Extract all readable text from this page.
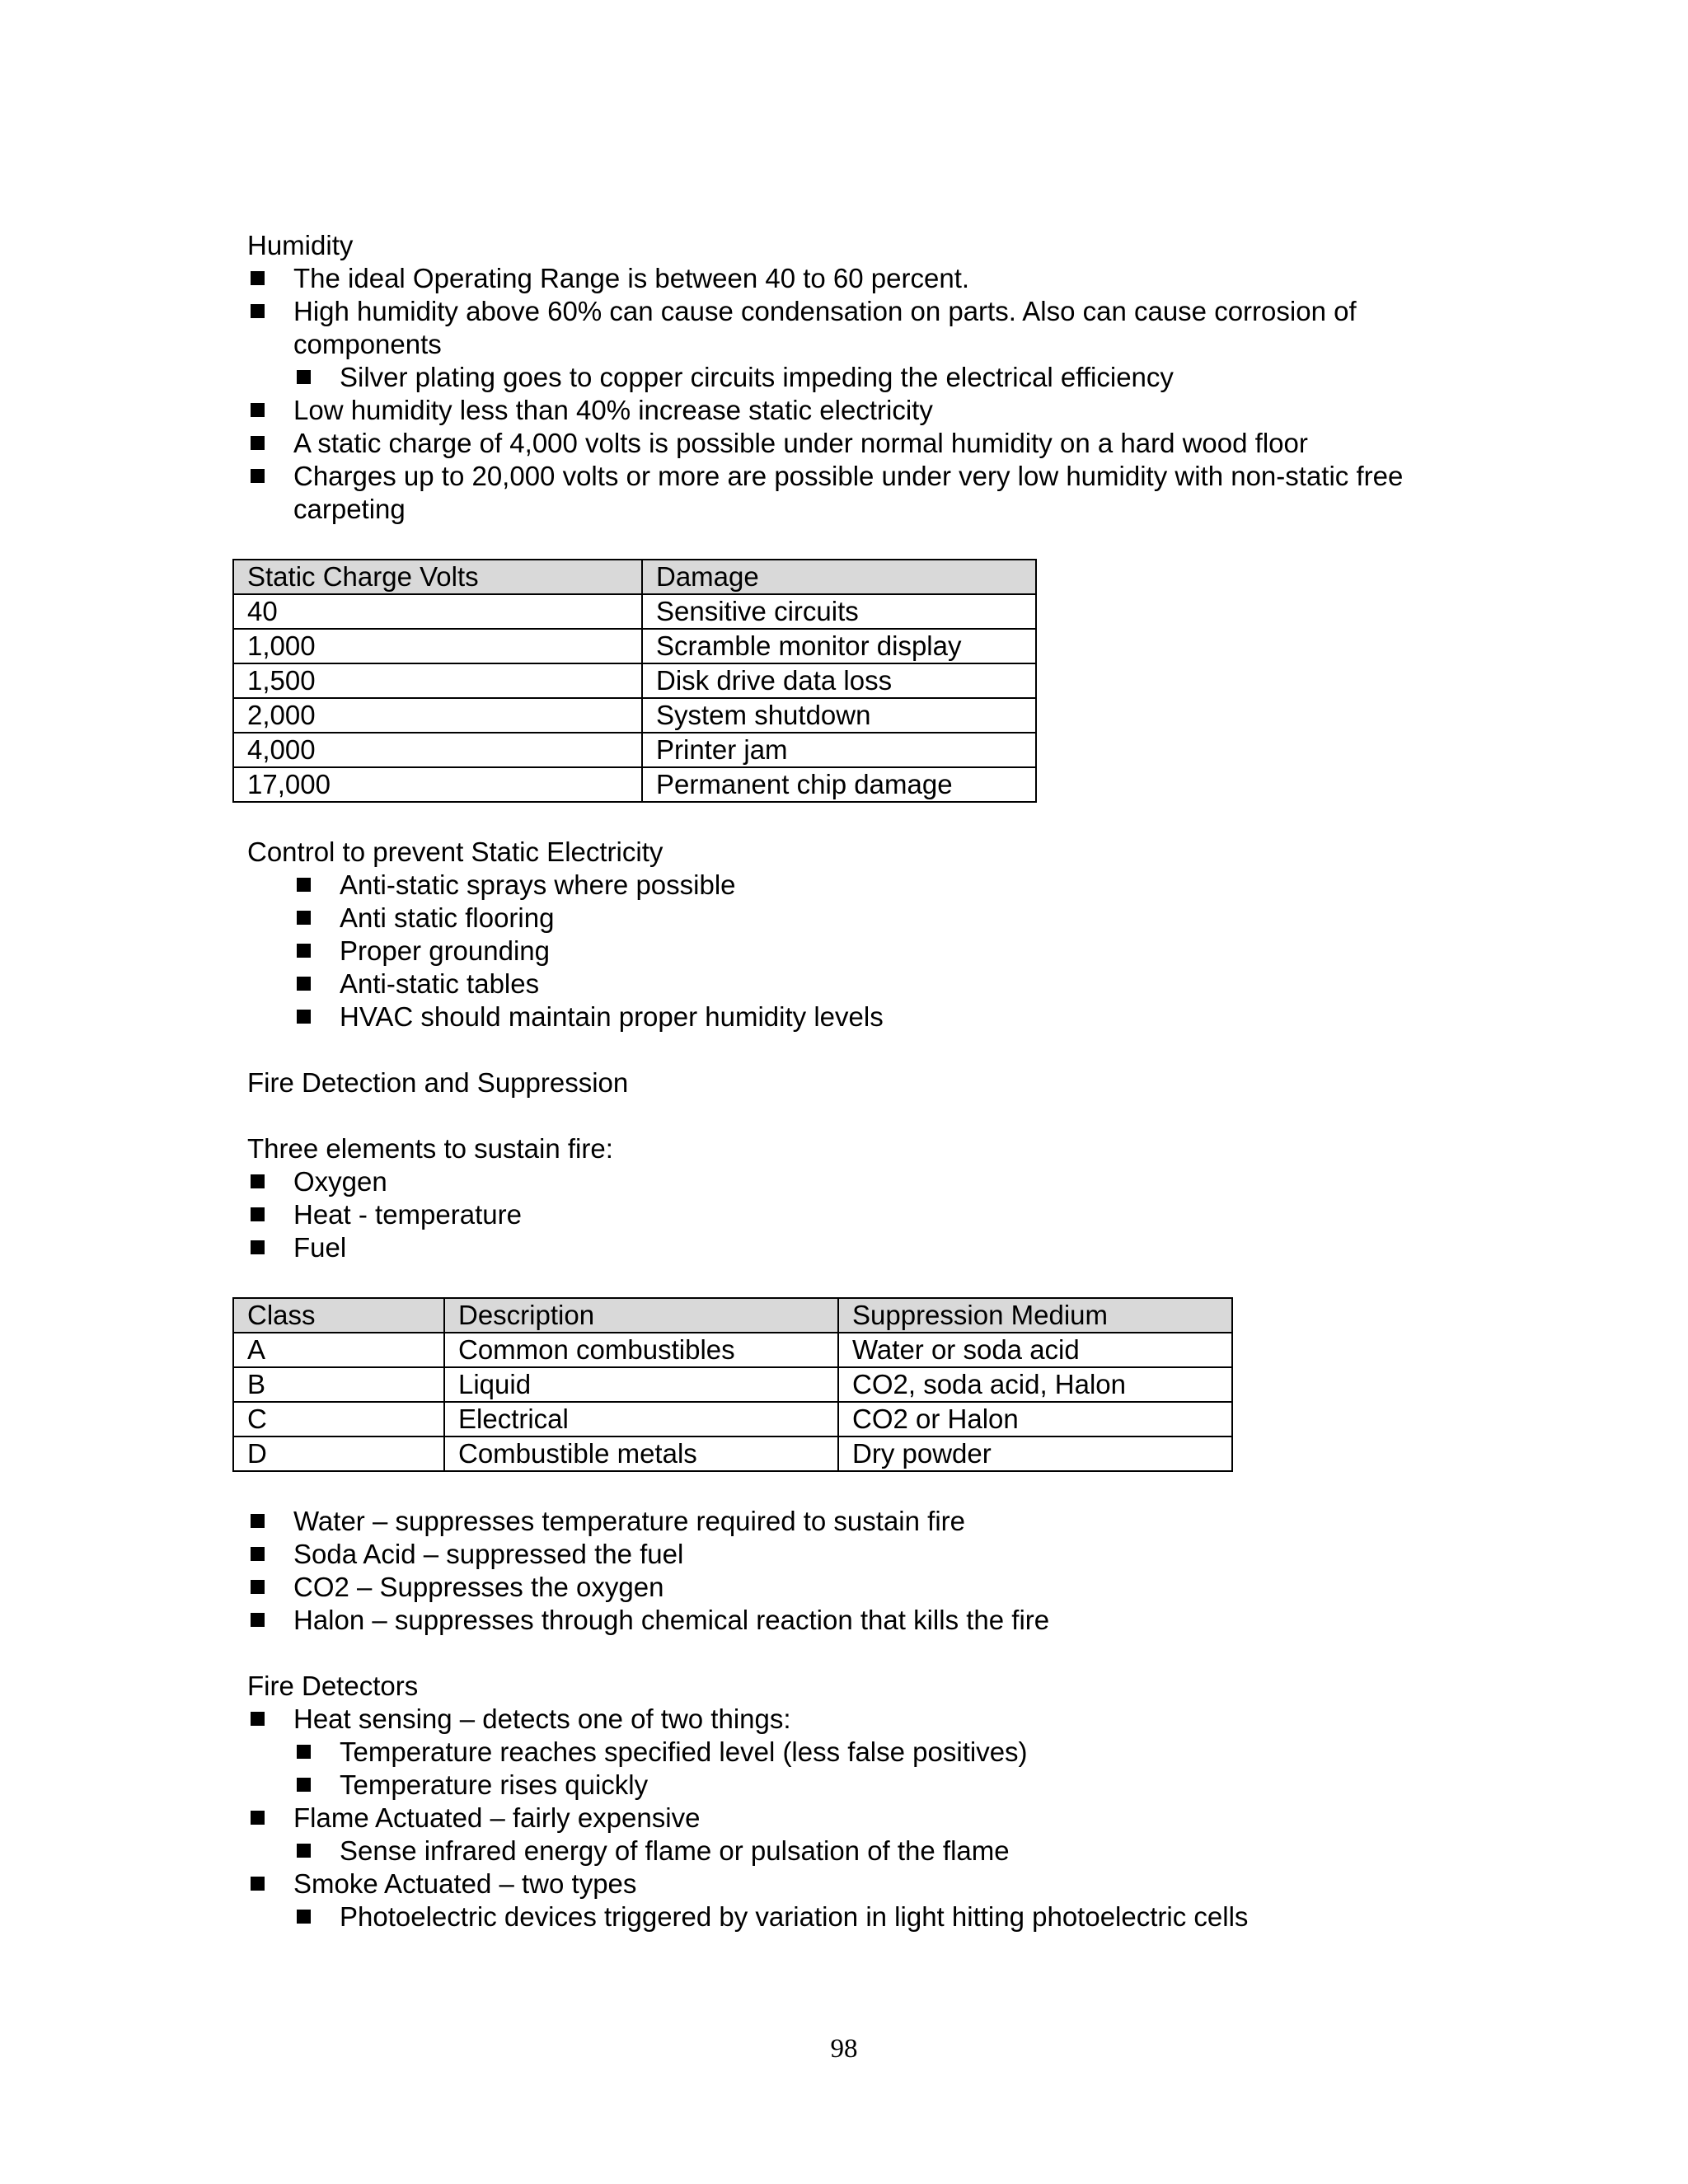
Humidity
The ideal Operating Range is between 40 to 60 percent.
High humidity above 60% can cause condensation on parts. Also can cause corrosion of components
Silver plating goes to copper circuits impeding the electrical efficiency
Low humidity less than 40% increase static electricity
A static charge of 4,000 volts is possible under normal humidity on a hard wood floor
Charges up to 20,000 volts or more are possible under very low humidity with non-static free carpeting
Static Charge Volts	Damage
40	Sensitive circuits
1,000	Scramble monitor display
1,500	Disk drive data loss
2,000	System shutdown
4,000	Printer jam
17,000	Permanent chip damage
Control to prevent Static Electricity
Anti-static sprays where possible
Anti static flooring
Proper grounding
Anti-static tables
HVAC should maintain proper humidity levels
Fire Detection and Suppression
Three elements to sustain fire:
Oxygen
Heat - temperature
Fuel
Class	Description	Suppression Medium
A	Common combustibles	Water or soda acid
B	Liquid	CO2, soda acid, Halon
C	Electrical	CO2 or Halon
D	Combustible metals	Dry powder
Water – suppresses temperature required to sustain fire
Soda Acid – suppressed the fuel
CO2 – Suppresses the oxygen
Halon – suppresses through chemical reaction that kills the fire
Fire Detectors
Heat sensing – detects one of two things:
Temperature reaches specified level (less false positives)
Temperature rises quickly
Flame Actuated – fairly expensive
Sense infrared energy of flame or pulsation of the flame
Smoke Actuated – two types
Photoelectric devices triggered by variation in light hitting photoelectric cells
98
